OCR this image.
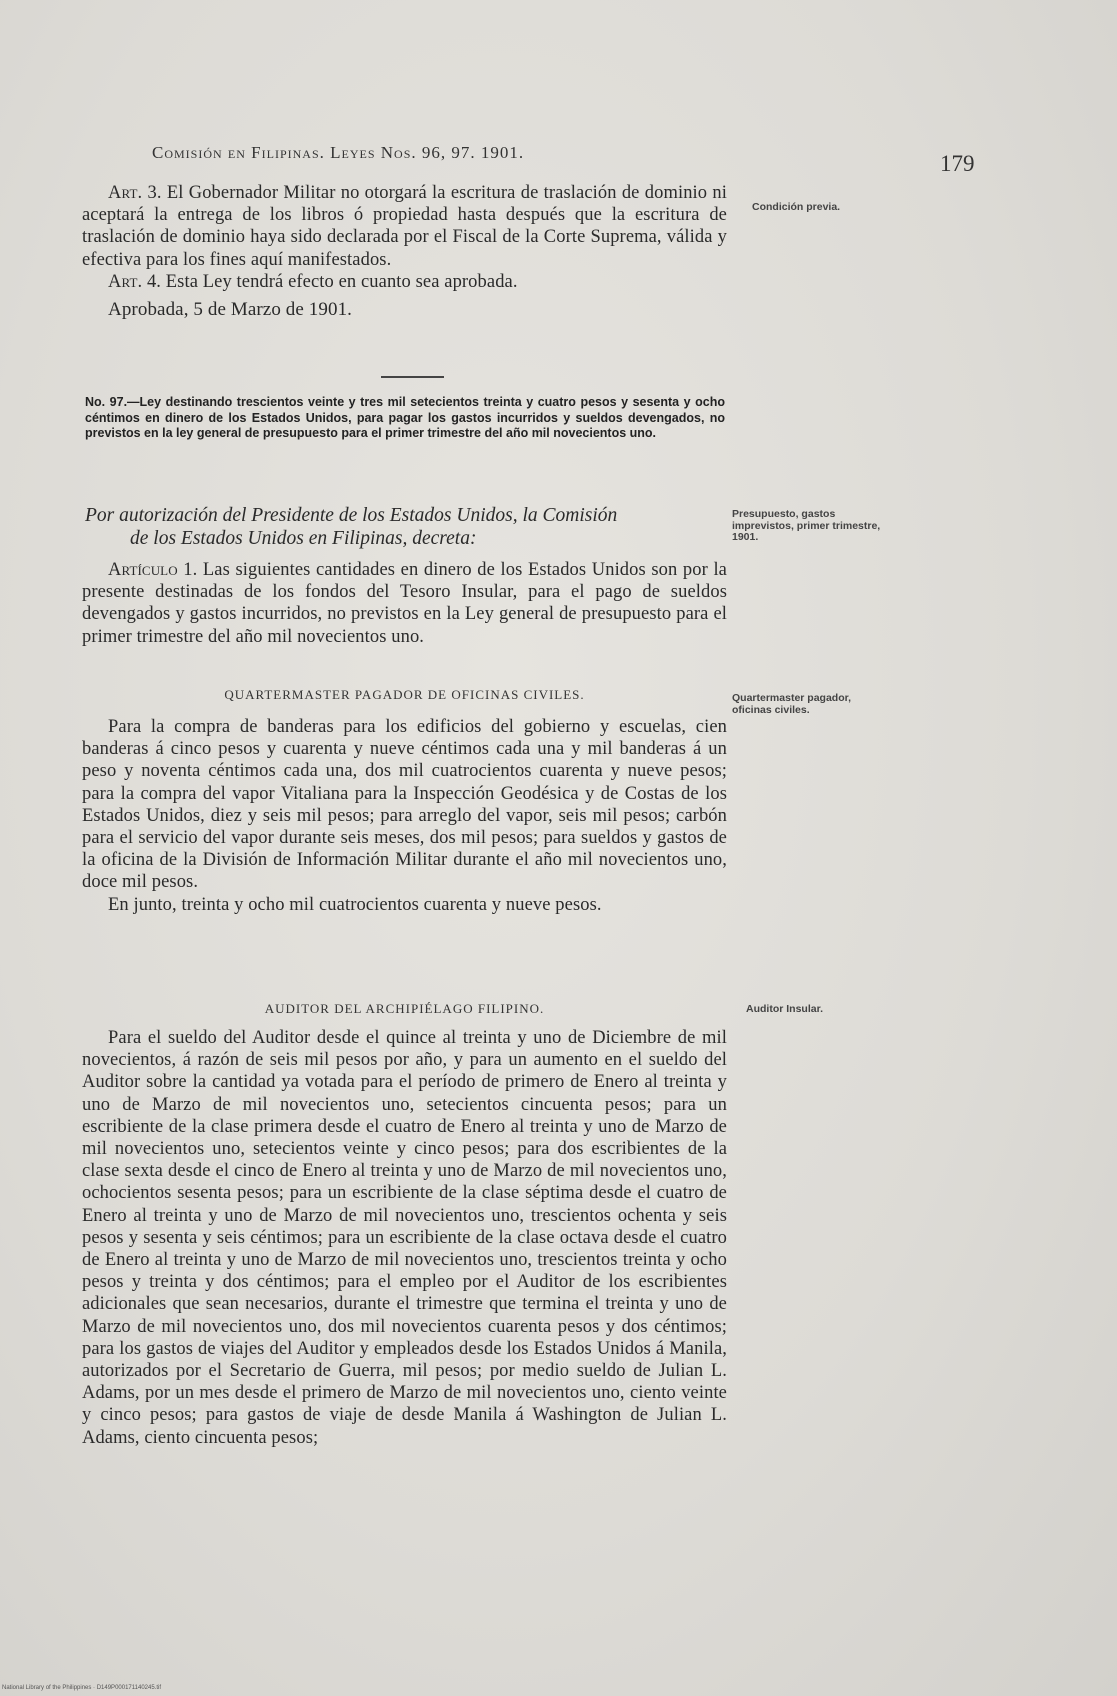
Comisión en Filipinas. Leyes Nos. 96, 97. 1901.	179

Art. 3. El Gobernador Militar no otorgará la escritura de traslación de dominio ni aceptará la entrega de los libros ó propiedad hasta después que la escritura de traslación de dominio haya sido declarada por el Fiscal de la Corte Suprema, válida y efectiva para los fines aquí manifestados.

Art. 4. Esta Ley tendrá efecto en cuanto sea aprobada.

Aprobada, 5 de Marzo de 1901.

No. 97.—Ley destinando trescientos veinte y tres mil setecientos treinta y cuatro pesos y sesenta y ocho céntimos en dinero de los Estados Unidos, para pagar los gastos incurridos y sueldos devengados, no previstos en la ley general de presupuesto para el primer trimestre del año mil novecientos uno.
Por autorización del Presidente de los Estados Unidos, la Comisión
de los Estados Unidos en Filipinas, decreta:

Artículo 1. Las siguientes cantidades en dinero de los Estados Unidos son por la presente destinadas de los fondos del Tesoro Insular, para el pago de sueldos devengados y gastos incurridos, no previstos en la Ley general de presupuesto para el primer trimestre del año mil novecientos uno.

QUARTERMASTER PAGADOR DE OFICINAS CIVILES.

Para la compra de banderas para los edificios del gobierno y escuelas, cien banderas á cinco pesos y cuarenta y nueve céntimos cada una y mil banderas á un peso y noventa céntimos cada una, dos mil cuatrocientos cuarenta y nueve pesos; para la compra del vapor Vitaliana para la Inspección Geodésica y de Costas de los Estados Unidos, diez y seis mil pesos; para arreglo del vapor, seis mil pesos; carbón para el servicio del vapor durante seis meses, dos mil pesos; para sueldos y gastos de la oficina de la División de Información Militar durante el año mil novecientos uno, doce mil pesos.

En junto, treinta y ocho mil cuatrocientos cuarenta y nueve pesos.

AUDITOR DEL ARCHIPIÉLAGO FILIPINO.

Para el sueldo del Auditor desde el quince al treinta y uno de Diciembre de mil novecientos, á razón de seis mil pesos por año, y para un aumento en el sueldo del Auditor sobre la cantidad ya votada para el período de primero de Enero al treinta y uno de Marzo de mil novecientos uno, setecientos cincuenta pesos; para un escribiente de la clase primera desde el cuatro de Enero al treinta y uno de Marzo de mil novecientos uno, setecientos veinte y cinco pesos; para dos escribientes de la clase sexta desde el cinco de Enero al treinta y uno de Marzo de mil novecientos uno, ochocientos sesenta pesos; para un escribiente de la clase séptima desde el cuatro de Enero al treinta y uno de Marzo de mil novecientos uno, trescientos ochenta y seis pesos y sesenta y seis céntimos; para un escribiente de la clase octava desde el cuatro de Enero al treinta y uno de Marzo de mil novecientos uno, trescientos treinta y ocho pesos y treinta y dos céntimos; para el empleo por el Auditor de los escribientes adicionales que sean necesarios, durante el trimestre que termina el treinta y uno de Marzo de mil novecientos uno, dos mil novecientos cuarenta pesos y dos céntimos; para los gastos de viajes del Auditor y empleados desde los Estados Unidos á Manila, autorizados por el Secretario de Guerra, mil pesos; por medio sueldo de Julian L. Adams, por un mes desde el primero de Marzo de mil novecientos uno, ciento veinte y cinco pesos; para gastos de viaje de desde Manila á Washington de Julian L. Adams, ciento cincuenta pesos;

Condición previa.
Presupuesto, gastos imprevistos, primer trimestre, 1901.
Quartermaster pagador, oficinas civiles.
Auditor Insular.
National Library of the Philippines · D149P000171140245.tif
